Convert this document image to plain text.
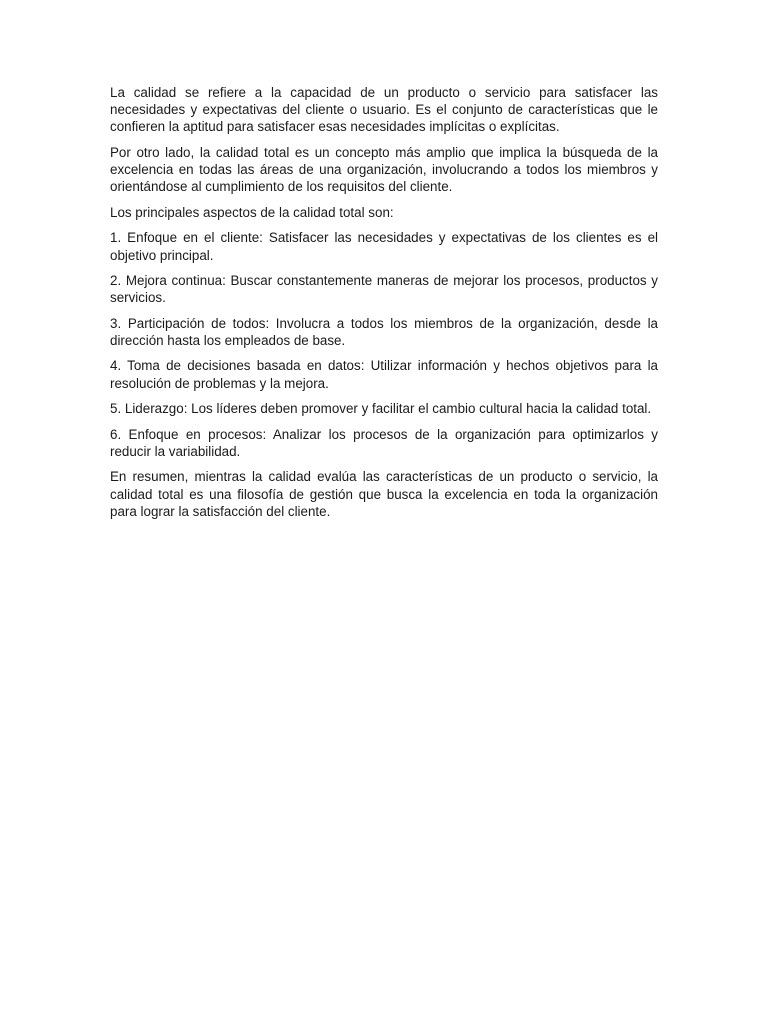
La calidad se refiere a la capacidad de un producto o servicio para satisfacer las necesidades y expectativas del cliente o usuario. Es el conjunto de características que le confieren la aptitud para satisfacer esas necesidades implícitas o explícitas.

Por otro lado, la calidad total es un concepto más amplio que implica la búsqueda de la excelencia en todas las áreas de una organización, involucrando a todos los miembros y orientándose al cumplimiento de los requisitos del cliente.

Los principales aspectos de la calidad total son:

1. Enfoque en el cliente: Satisfacer las necesidades y expectativas de los clientes es el objetivo principal.

2. Mejora continua: Buscar constantemente maneras de mejorar los procesos, productos y servicios.

3. Participación de todos: Involucra a todos los miembros de la organización, desde la dirección hasta los empleados de base.

4. Toma de decisiones basada en datos: Utilizar información y hechos objetivos para la resolución de problemas y la mejora.

5. Liderazgo: Los líderes deben promover y facilitar el cambio cultural hacia la calidad total.

6. Enfoque en procesos: Analizar los procesos de la organización para optimizarlos y reducir la variabilidad.

En resumen, mientras la calidad evalúa las características de un producto o servicio, la calidad total es una filosofía de gestión que busca la excelencia en toda la organización para lograr la satisfacción del cliente.
